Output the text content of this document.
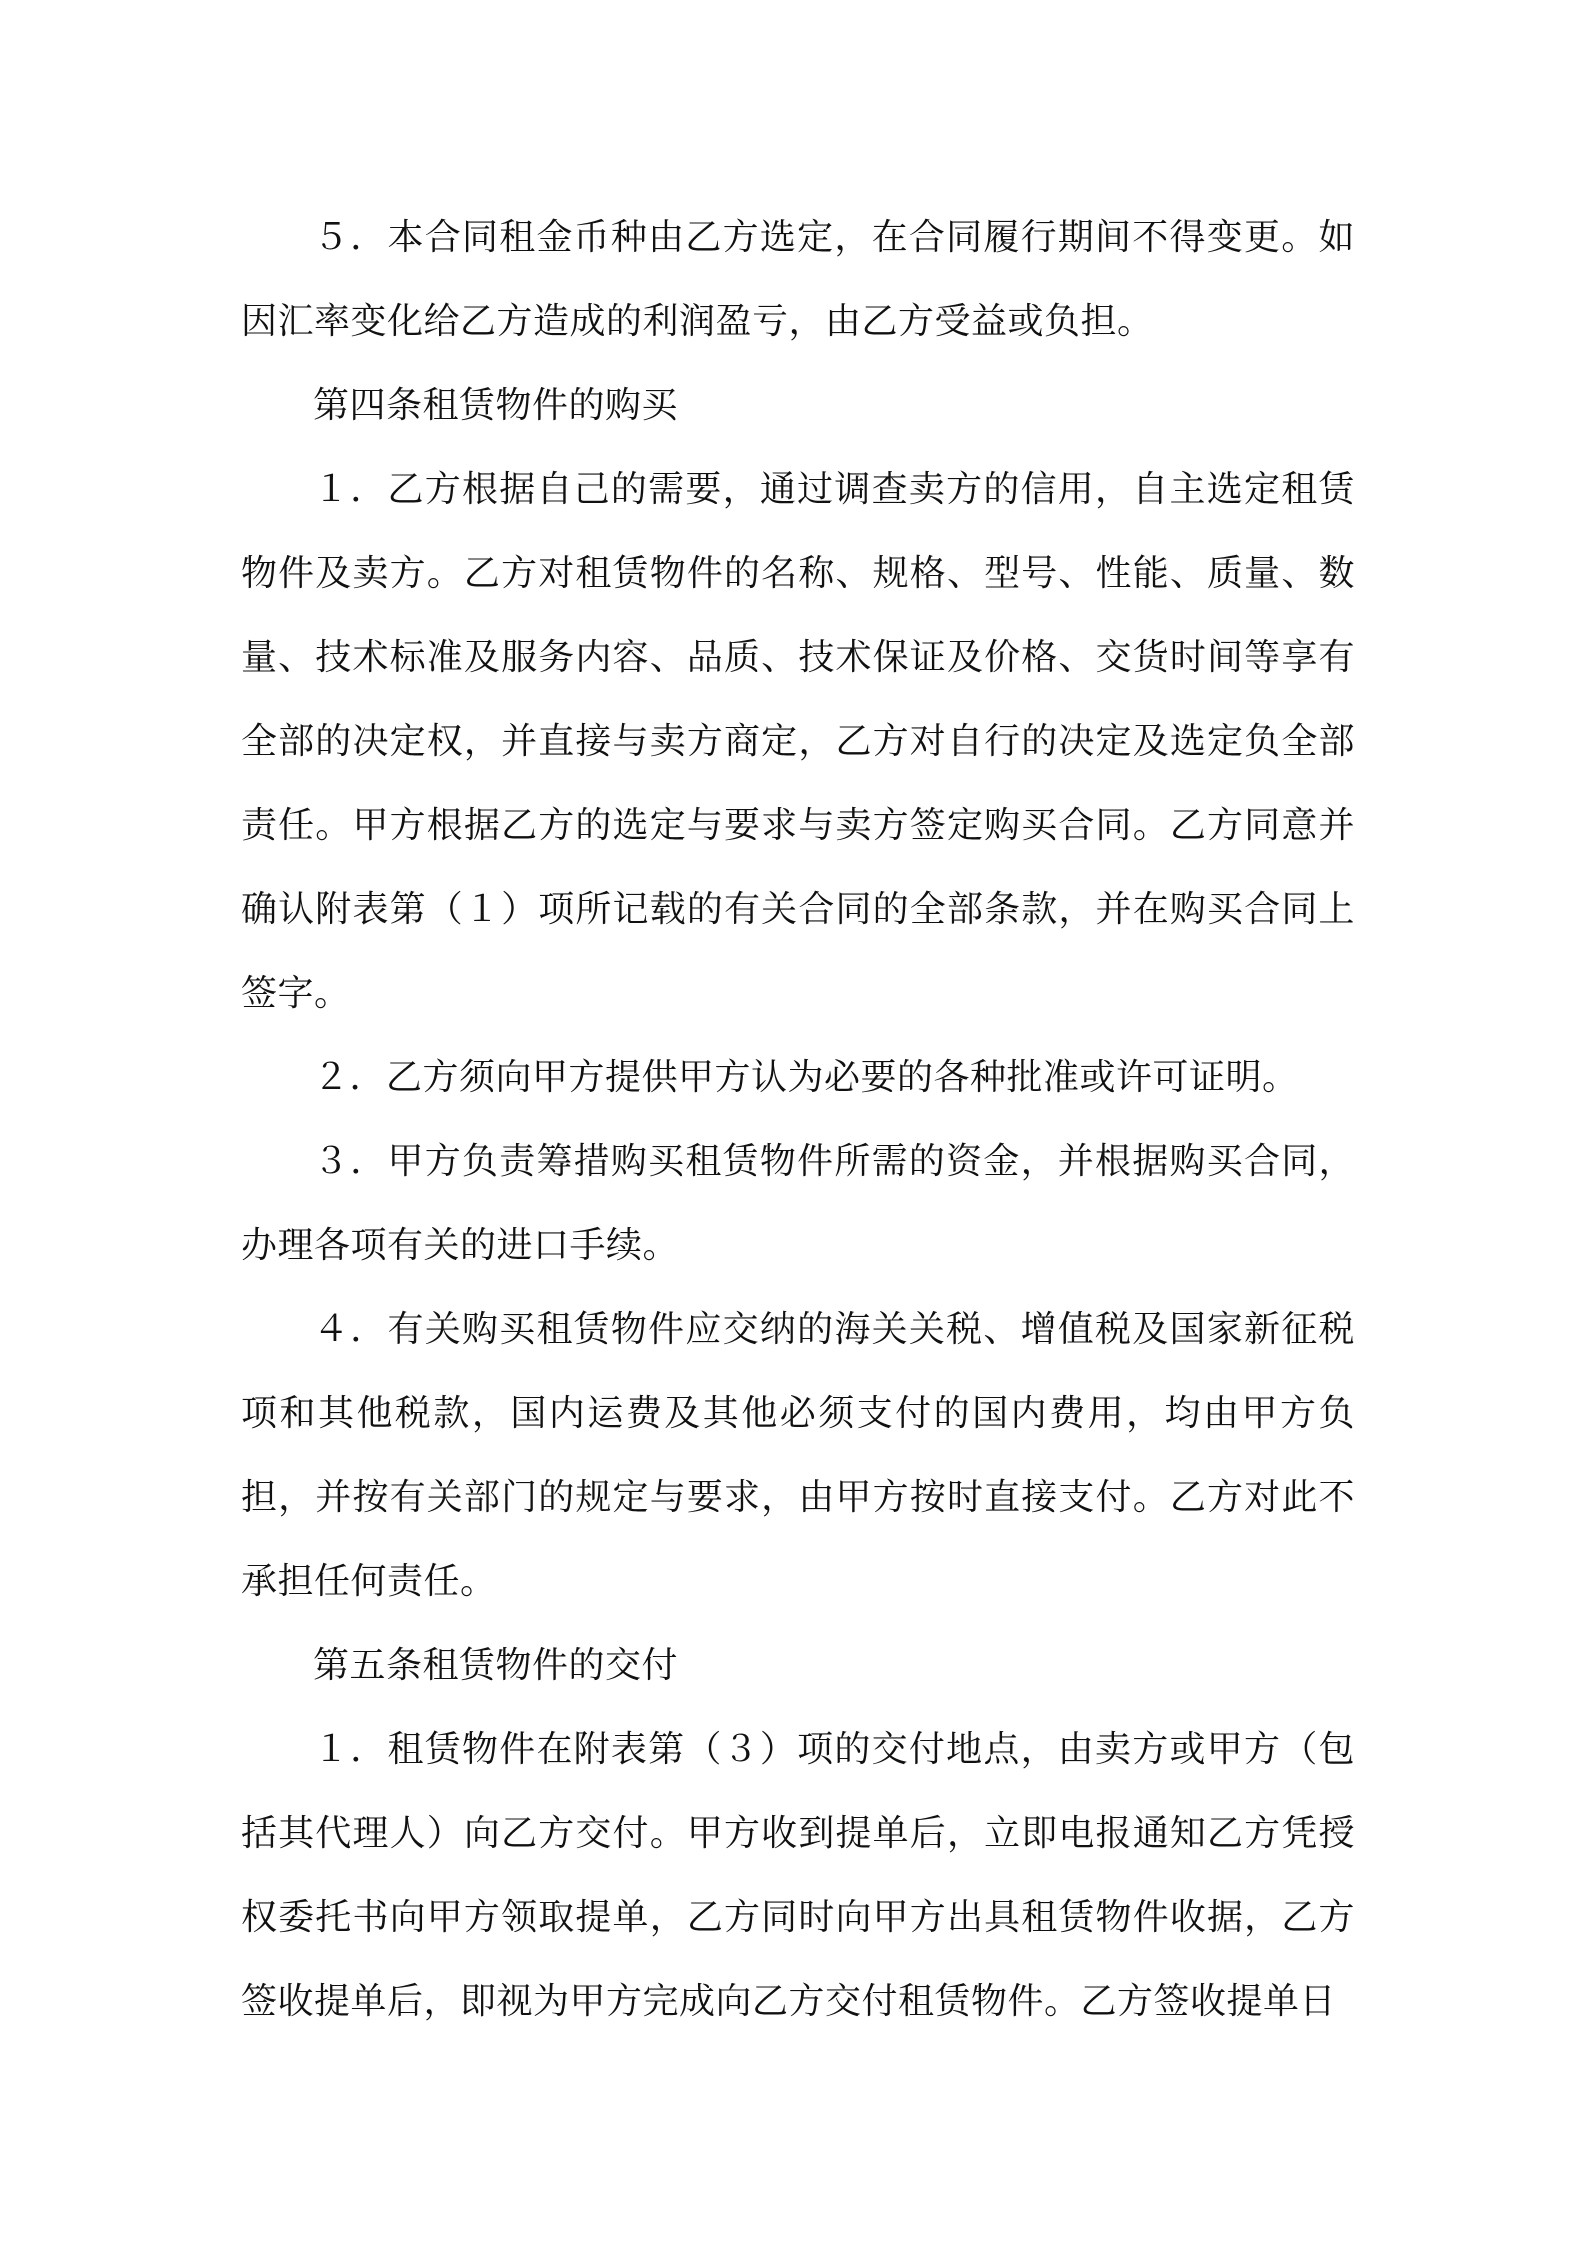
５．本合同租金币种由乙方选定，在合同履行期间不得变更。如因汇率变化给乙方造成的利润盈亏，由乙方受益或负担。

第四条租赁物件的购买

１．乙方根据自己的需要，通过调查卖方的信用，自主选定租赁物件及卖方。乙方对租赁物件的名称、规格、型号、性能、质量、数量、技术标准及服务内容、品质、技术保证及价格、交货时间等享有全部的决定权，并直接与卖方商定，乙方对自行的决定及选定负全部责任。甲方根据乙方的选定与要求与卖方签定购买合同。乙方同意并确认附表第（１）项所记载的有关合同的全部条款，并在购买合同上签字。

２．乙方须向甲方提供甲方认为必要的各种批准或许可证明。

３．甲方负责筹措购买租赁物件所需的资金，并根据购买合同，办理各项有关的进口手续。

４．有关购买租赁物件应交纳的海关关税、增值税及国家新征税项和其他税款，国内运费及其他必须支付的国内费用，均由甲方负担，并按有关部门的规定与要求，由甲方按时直接支付。乙方对此不承担任何责任。

第五条租赁物件的交付

１．租赁物件在附表第（３）项的交付地点，由卖方或甲方（包括其代理人）向乙方交付。甲方收到提单后，立即电报通知乙方凭授权委托书向甲方领取提单，乙方同时向甲方出具租赁物件收据，乙方签收提单后，即视为甲方完成向乙方交付租赁物件。乙方签收提单日
